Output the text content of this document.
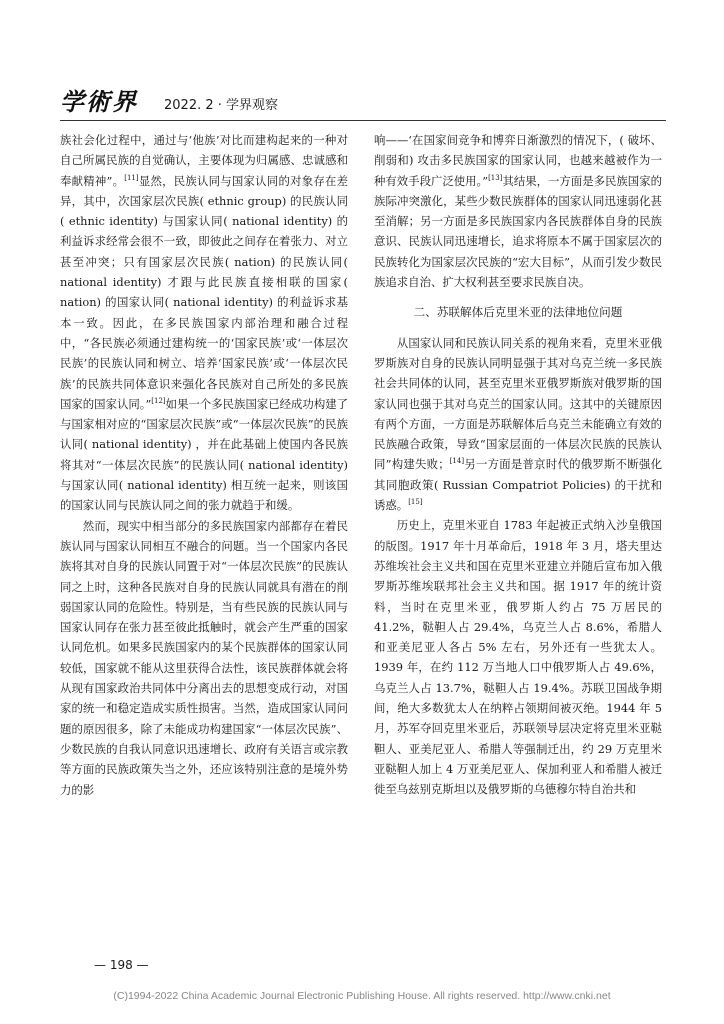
学術界	2022. 2 · 学界观察

族社会化过程中，通过与‘他族’对比而建构起来的一种对自己所属民族的自觉确认，主要体现为归属感、忠诚感和奉献精神”。[11]显然，民族认同与国家认同的对象存在差异，其中，次国家层次民族( ethnic group) 的民族认同( ethnic identity) 与国家认同( national identity) 的利益诉求经常会很不一致，即彼此之间存在着张力、对立甚至冲突；只有国家层次民族( nation) 的民族认同( national identity) 才跟与此民族直接相联的国家( nation) 的国家认同( national identity) 的利益诉求基本一致。因此，在多民族国家内部治理和融合过程中，“各民族必须通过建构统一的‘国家民族’或‘一体层次民族’的民族认同和树立、培养‘国家民族’或‘一体层次民族’的民族共同体意识来强化各民族对自己所处的多民族国家的国家认同。”[12]如果一个多民族国家已经成功构建了与国家相对应的“国家层次民族”或“一体层次民族”的民族认同( national identity) ，并在此基础上使国内各民族将其对“一体层次民族”的民族认同( national identity) 与国家认同( national identity) 相互统一起来，则该国的国家认同与民族认同之间的张力就趋于和缓。

然而，现实中相当部分的多民族国家内部都存在着民族认同与国家认同相互不融合的问题。当一个国家内各民族将其对自身的民族认同置于对“一体层次民族”的民族认同之上时，这种各民族对自身的民族认同就具有潜在的削弱国家认同的危险性。特别是，当有些民族的民族认同与国家认同存在张力甚至彼此抵触时，就会产生严重的国家认同危机。如果多民族国家内的某个民族群体的国家认同较低，国家就不能从这里获得合法性，该民族群体就会将从现有国家政治共同体中分离出去的思想变成行动，对国家的统一和稳定造成实质性损害。当然，造成国家认同问题的原因很多，除了未能成功构建国家“一体层次民族”、少数民族的自我认同意识迅速增长、政府有关语言或宗教等方面的民族政策失当之外，还应该特别注意的是境外势力的影

响——‘在国家间竞争和博弈日渐激烈的情况下，( 破坏、削弱和) 攻击多民族国家的国家认同，也越来越被作为一种有效手段广泛使用。”[13]其结果，一方面是多民族国家的族际冲突激化，某些少数民族群体的国家认同迅速弱化甚至消解；另一方面是多民族国家内各民族群体自身的民族意识、民族认同迅速增长，追求将原本不属于国家层次的民族转化为国家层次民族的“宏大目标”，从而引发少数民族追求自治、扩大权利甚至要求民族自决。

二、苏联解体后克里米亚的法律地位问题

从国家认同和民族认同关系的视角来看，克里米亚俄罗斯族对自身的民族认同明显强于其对乌克兰统一多民族社会共同体的认同，甚至克里米亚俄罗斯族对俄罗斯的国家认同也强于其对乌克兰的国家认同。这其中的关键原因有两个方面，一方面是苏联解体后乌克兰未能确立有效的民族融合政策，导致“国家层面的一体层次民族的民族认同”构建失败；[14]另一方面是普京时代的俄罗斯不断强化其同胞政策( Russian Compatriot Policies) 的干扰和诱惑。[15]

历史上，克里米亚自 1783 年起被正式纳入沙皇俄国的版图。1917 年十月革命后，1918 年 3 月，塔夫里达苏维埃社会主义共和国在克里米亚建立并随后宣布加入俄罗斯苏维埃联邦社会主义共和国。据 1917 年的统计资料，当时在克里米亚，俄罗斯人约占 75 万居民的 41.2%，鞑靼人占 29.4%，乌克兰人占 8.6%，希腊人和亚美尼亚人各占 5% 左右，另外还有一些犹太人。1939 年，在约 112 万当地人口中俄罗斯人占 49.6%，乌克兰人占 13.7%，鞑靼人占 19.4%。苏联卫国战争期间，绝大多数犹太人在纳粹占领期间被灭绝。1944 年 5 月，苏军夺回克里米亚后，苏联领导层决定将克里米亚鞑靼人、亚美尼亚人、希腊人等强制迁出，约 29 万克里米亚鞑靼人加上 4 万亚美尼亚人、保加利亚人和希腊人被迁徙至乌兹别克斯坦以及俄罗斯的乌德穆尔特自治共和

— 198 —
(C)1994-2022 China Academic Journal Electronic Publishing House. All rights reserved. http://www.cnki.net
